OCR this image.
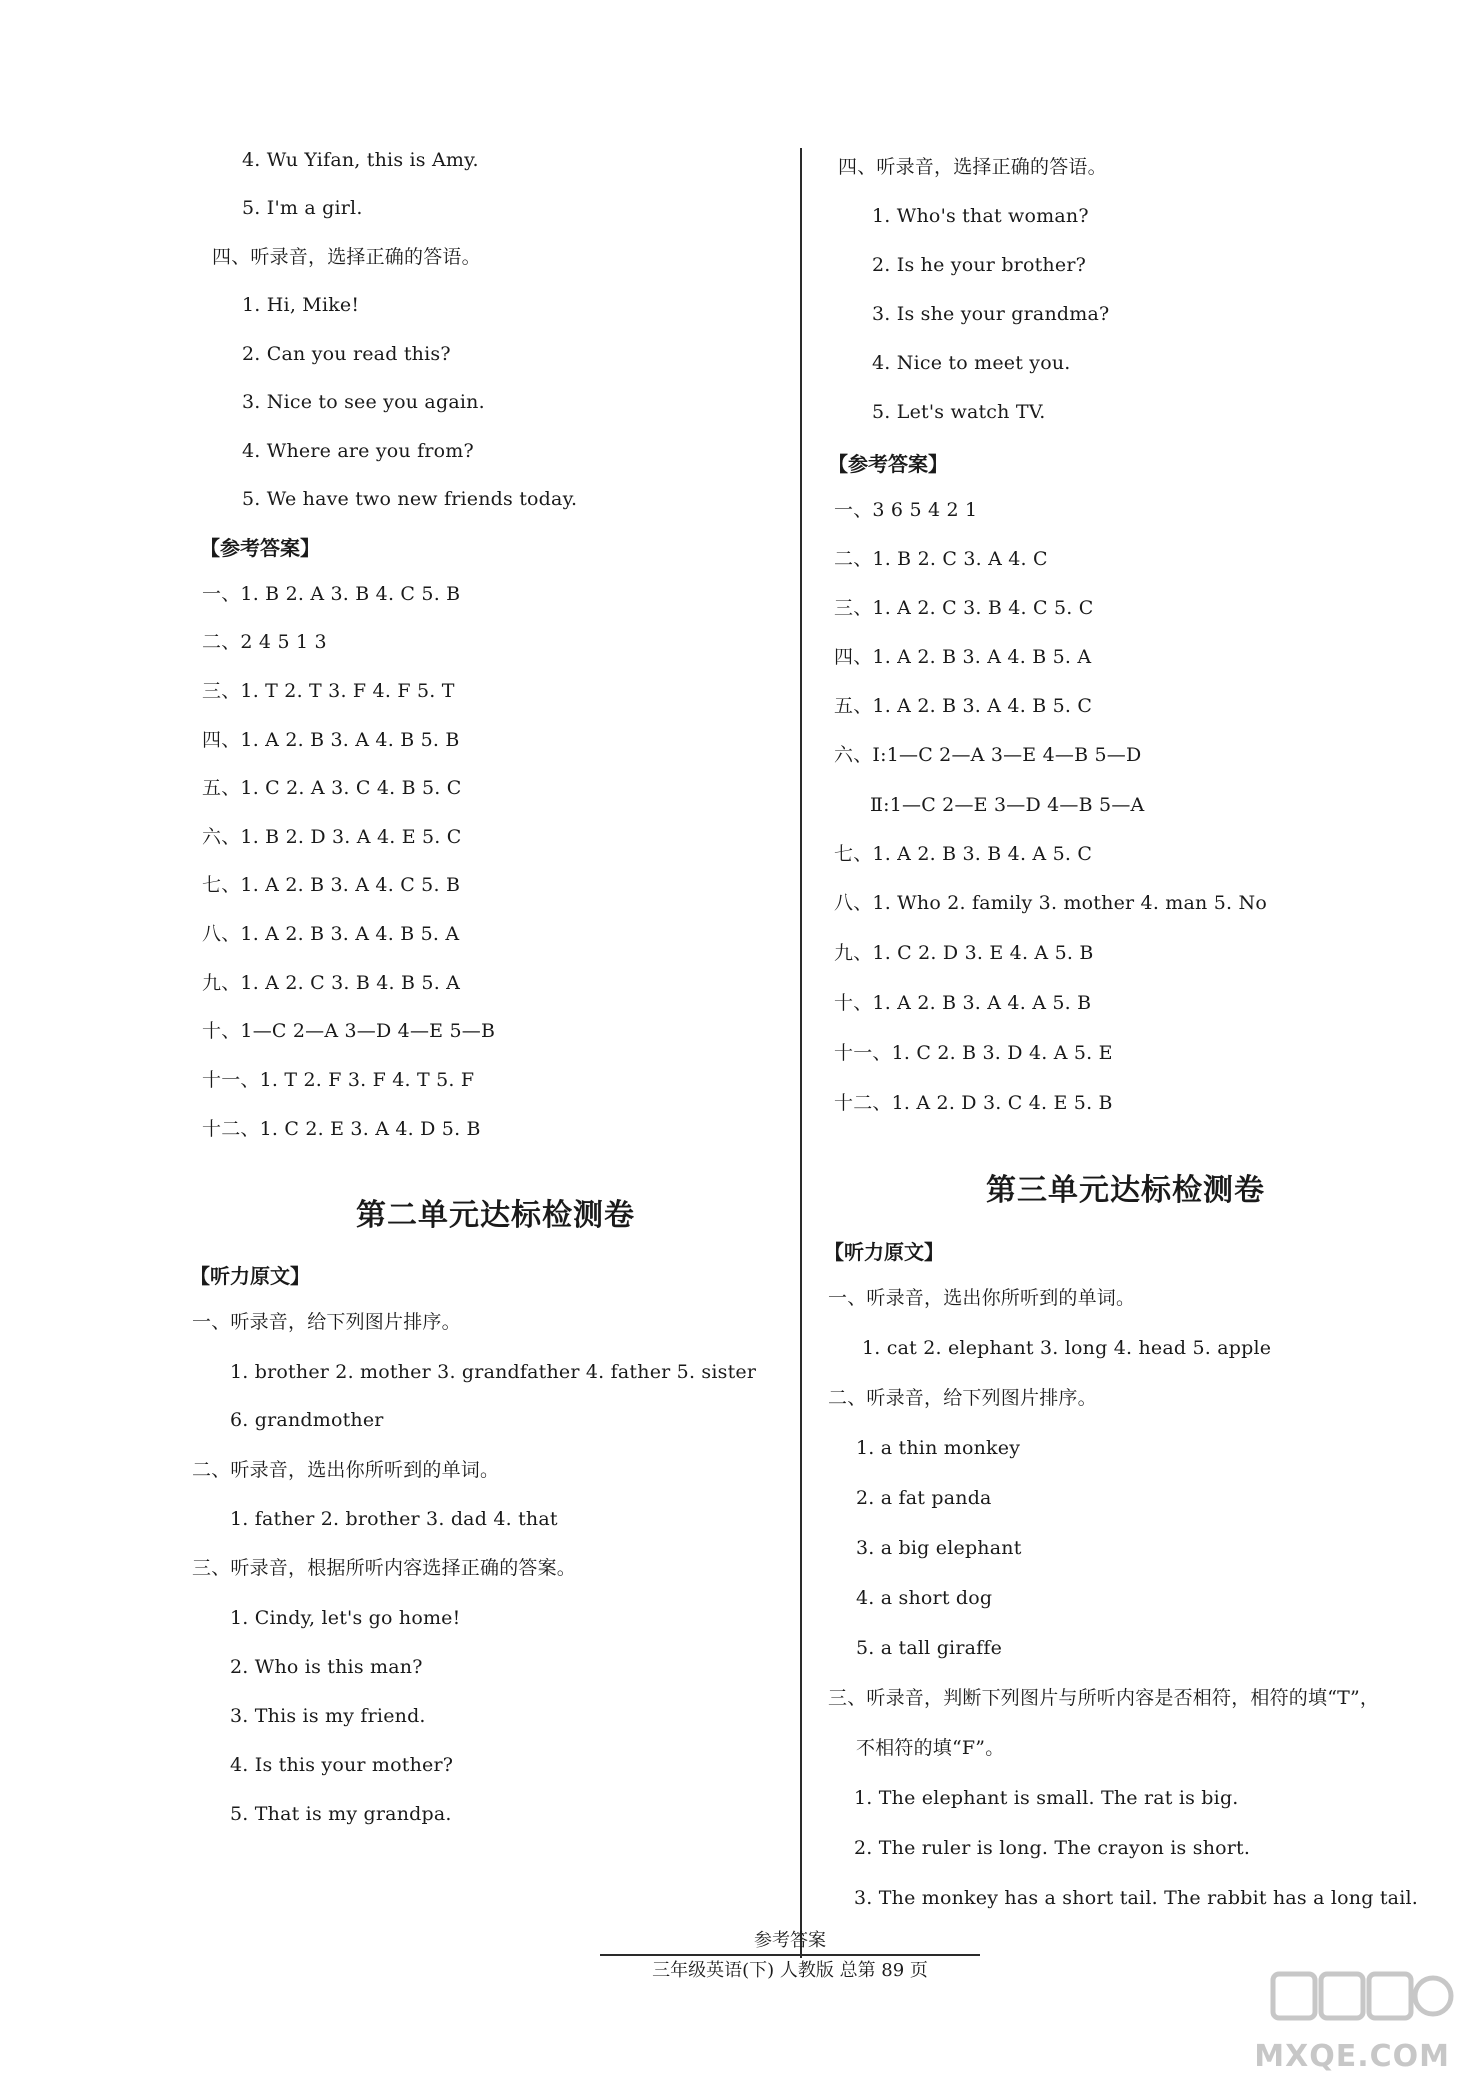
4. Wu Yifan, this is Amy.
5. I'm a girl.
四、听录音，选择正确的答语。
1. Hi, Mike!
2. Can you read this?
3. Nice to see you again.
4. Where are you from?
5. We have two new friends today.
【参考答案】
一、1. B 2. A 3. B 4. C 5. B
二、2 4 5 1 3
三、1. T 2. T 3. F 4. F 5. T
四、1. A 2. B 3. A 4. B 5. B
五、1. C 2. A 3. C 4. B 5. C
六、1. B 2. D 3. A 4. E 5. C
七、1. A 2. B 3. A 4. C 5. B
八、1. A 2. B 3. A 4. B 5. A
九、1. A 2. C 3. B 4. B 5. A
十、1—C 2—A 3—D 4—E 5—B
十一、1. T 2. F 3. F 4. T 5. F
十二、1. C 2. E 3. A 4. D 5. B
第二单元达标检测卷
【听力原文】
一、听录音，给下列图片排序。
1. brother 2. mother 3. grandfather 4. father 5. sister
6. grandmother
二、听录音，选出你所听到的单词。
1. father 2. brother 3. dad 4. that
三、听录音，根据所听内容选择正确的答案。
1. Cindy, let's go home!
2. Who is this man?
3. This is my friend.
4. Is this your mother?
5. That is my grandpa.
四、听录音，选择正确的答语。
1. Who's that woman?
2. Is he your brother?
3. Is she your grandma?
4. Nice to meet you.
5. Let's watch TV.
【参考答案】
一、3 6 5 4 2 1
二、1. B 2. C 3. A 4. C
三、1. A 2. C 3. B 4. C 5. C
四、1. A 2. B 3. A 4. B 5. A
五、1. A 2. B 3. A 4. B 5. C
六、Ⅰ:1—C 2—A 3—E 4—B 5—D
Ⅱ:1—C 2—E 3—D 4—B 5—A
七、1. A 2. B 3. B 4. A 5. C
八、1. Who 2. family 3. mother 4. man 5. No
九、1. C 2. D 3. E 4. A 5. B
十、1. A 2. B 3. A 4. A 5. B
十一、1. C 2. B 3. D 4. A 5. E
十二、1. A 2. D 3. C 4. E 5. B
第三单元达标检测卷
【听力原文】
一、听录音，选出你所听到的单词。
1. cat 2. elephant 3. long 4. head 5. apple
二、听录音，给下列图片排序。
1. a thin monkey
2. a fat panda
3. a big elephant
4. a short dog
5. a tall giraffe
三、听录音，判断下列图片与所听内容是否相符，相符的填“T”，
不相符的填“F”。
1. The elephant is small. The rat is big.
2. The ruler is long. The crayon is short.
3. The monkey has a short tail. The rabbit has a long tail.
参考答案
三年级英语(下) 人教版 总第 89 页
MXQE.COM
